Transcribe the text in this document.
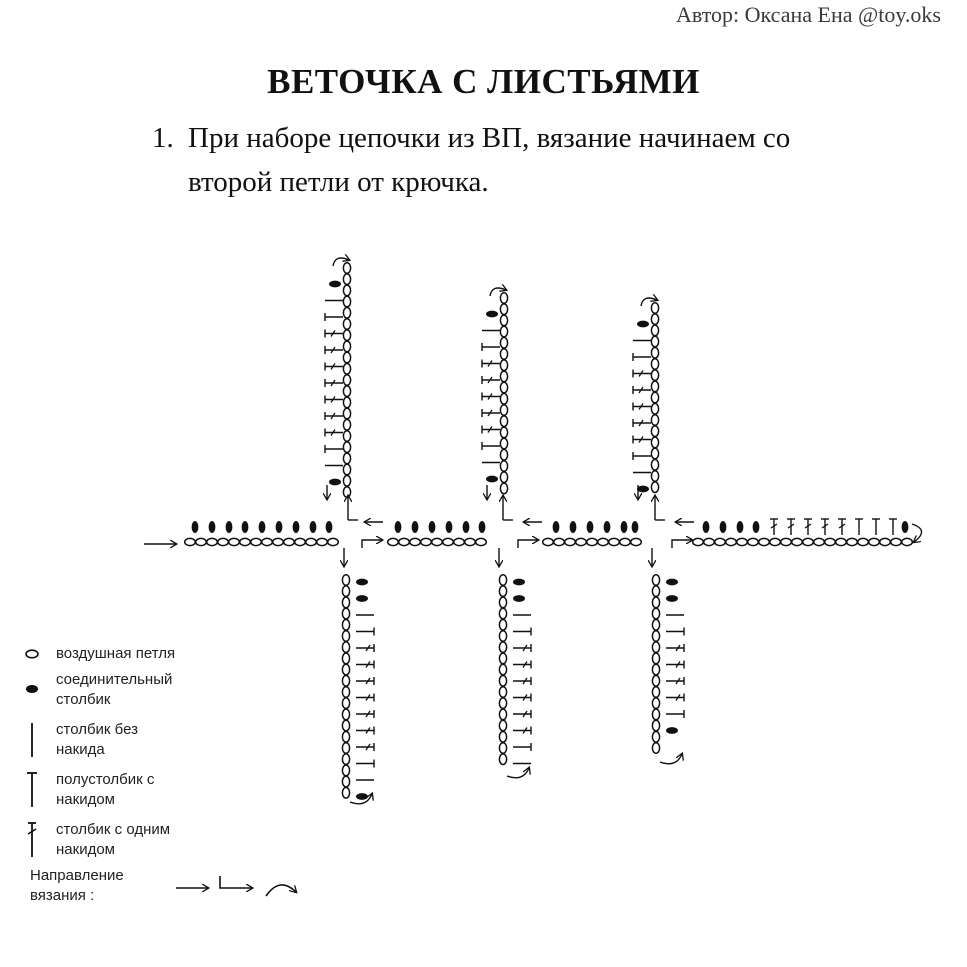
Автор: Оксана Ена @toy.oks
ВЕТОЧКА С ЛИСТЬЯМИ
1. При наборе цепочки из ВП, вязание начинаем со
второй петли от крючка.
воздушная петля
соединительный
столбик
столбик без
накида
полустолбик с
накидом
столбик с одним
накидом
Направление
вязания :
